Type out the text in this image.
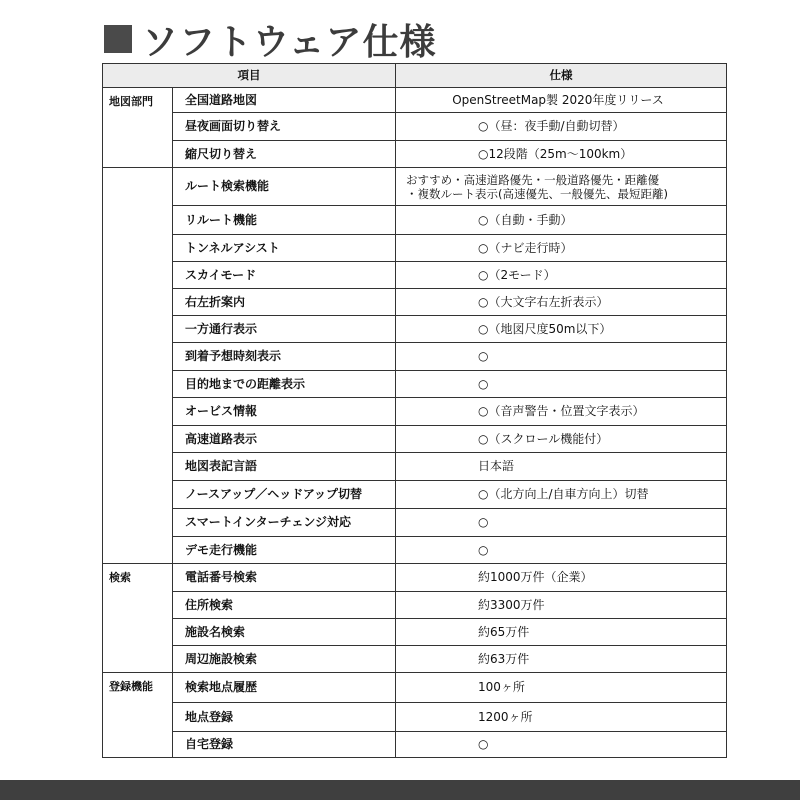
ソフトウェア仕様
項目		仕様
地図部門	全国道路地図	OpenStreetMap製 2020年度リリース
	昼夜画面切り替え	○（昼：夜手動/自動切替）
	縮尺切り替え	○12段階（25m～100km）
	ルート検索機能	おすすめ・高速道路優先・一般道路優先・距離優
・複数ルート表示(高速優先、一般優先、最短距離)

	リルート機能	○（自動・手動）
	トンネルアシスト	○（ナビ走行時）
	スカイモード	○（2モード）
	右左折案内	○（大文字右左折表示）
	一方通行表示	○（地図尺度50m以下）
	到着予想時刻表示	○
	目的地までの距離表示	○
	オービス情報	○（音声警告・位置文字表示）
	高速道路表示	○（スクロール機能付）
	地図表記言語	日本語
	ノースアップ／ヘッドアップ切替	○（北方向上/自車方向上）切替
	スマートインターチェンジ対応	○
	デモ走行機能	○
検索	電話番号検索	約1000万件（企業）
	住所検索	約3300万件
	施設名検索	約65万件
	周辺施設検索	約63万件
登録機能	検索地点履歴	100ヶ所
	地点登録	1200ヶ所
	自宅登録	○
